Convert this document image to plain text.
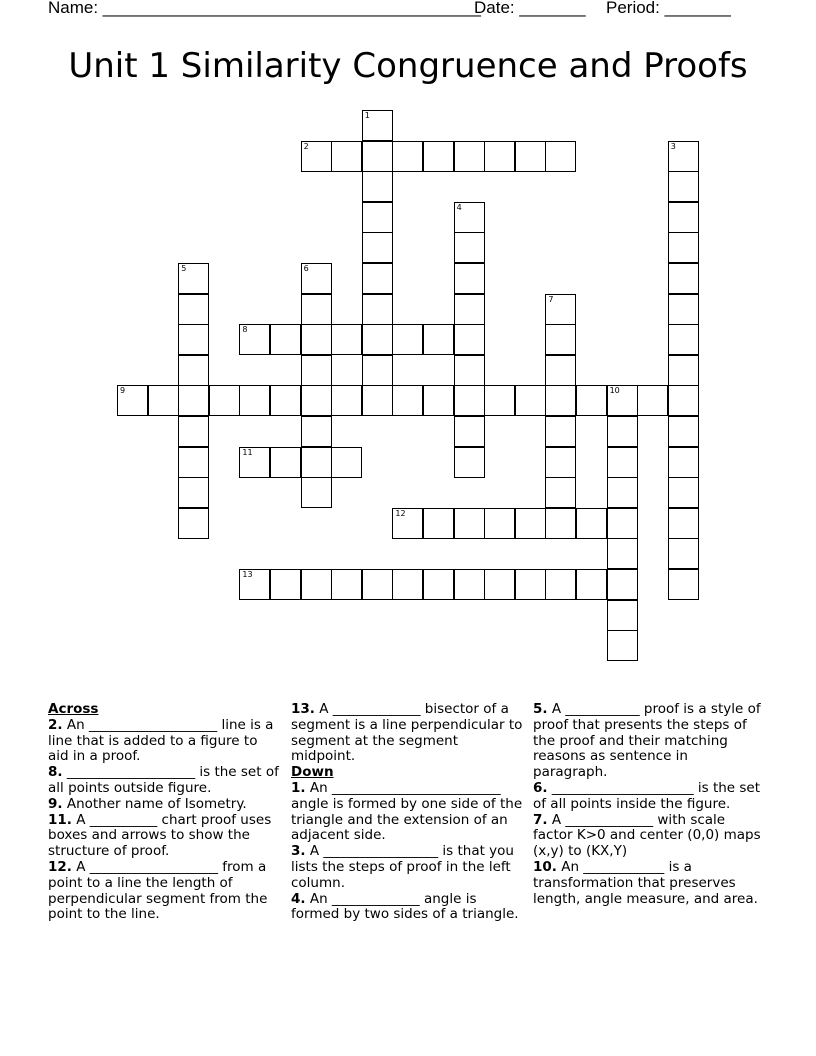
Name: ________________________________________
Date: _______ Period: _______
Unit 1 Similarity Congruence and Proofs
1
2	3
4
5	6
7
8
9	10
11
12
13

Across

2. An ___________________ line is a line that is added to a figure to aid in a proof.

8. ___________________ is the set of all points outside figure.

9. Another name of Isometry.

11. A __________ chart proof uses boxes and arrows to show the structure of proof.

12. A ___________________ from a point to a line the length of perpendicular segment from the point to the line.

13. A _____________ bisector of a segment is a line perpendicular to segment at the segment midpoint.

Down

1. An _________________________ angle is formed by one side of the triangle and the extension of an adjacent side.

3. A _________________ is that you lists the steps of proof in the left column.

4. An _____________ angle is formed by two sides of a triangle.

5. A ___________ proof is a style of proof that presents the steps of the proof and their matching reasons as sentence in paragraph.

6. _____________________ is the set of all points inside the figure.

7. A _____________ with scale factor K>0 and center (0,0) maps (x,y) to (KX,Y)

10. An ____________ is a transformation that preserves length, angle measure, and area.
